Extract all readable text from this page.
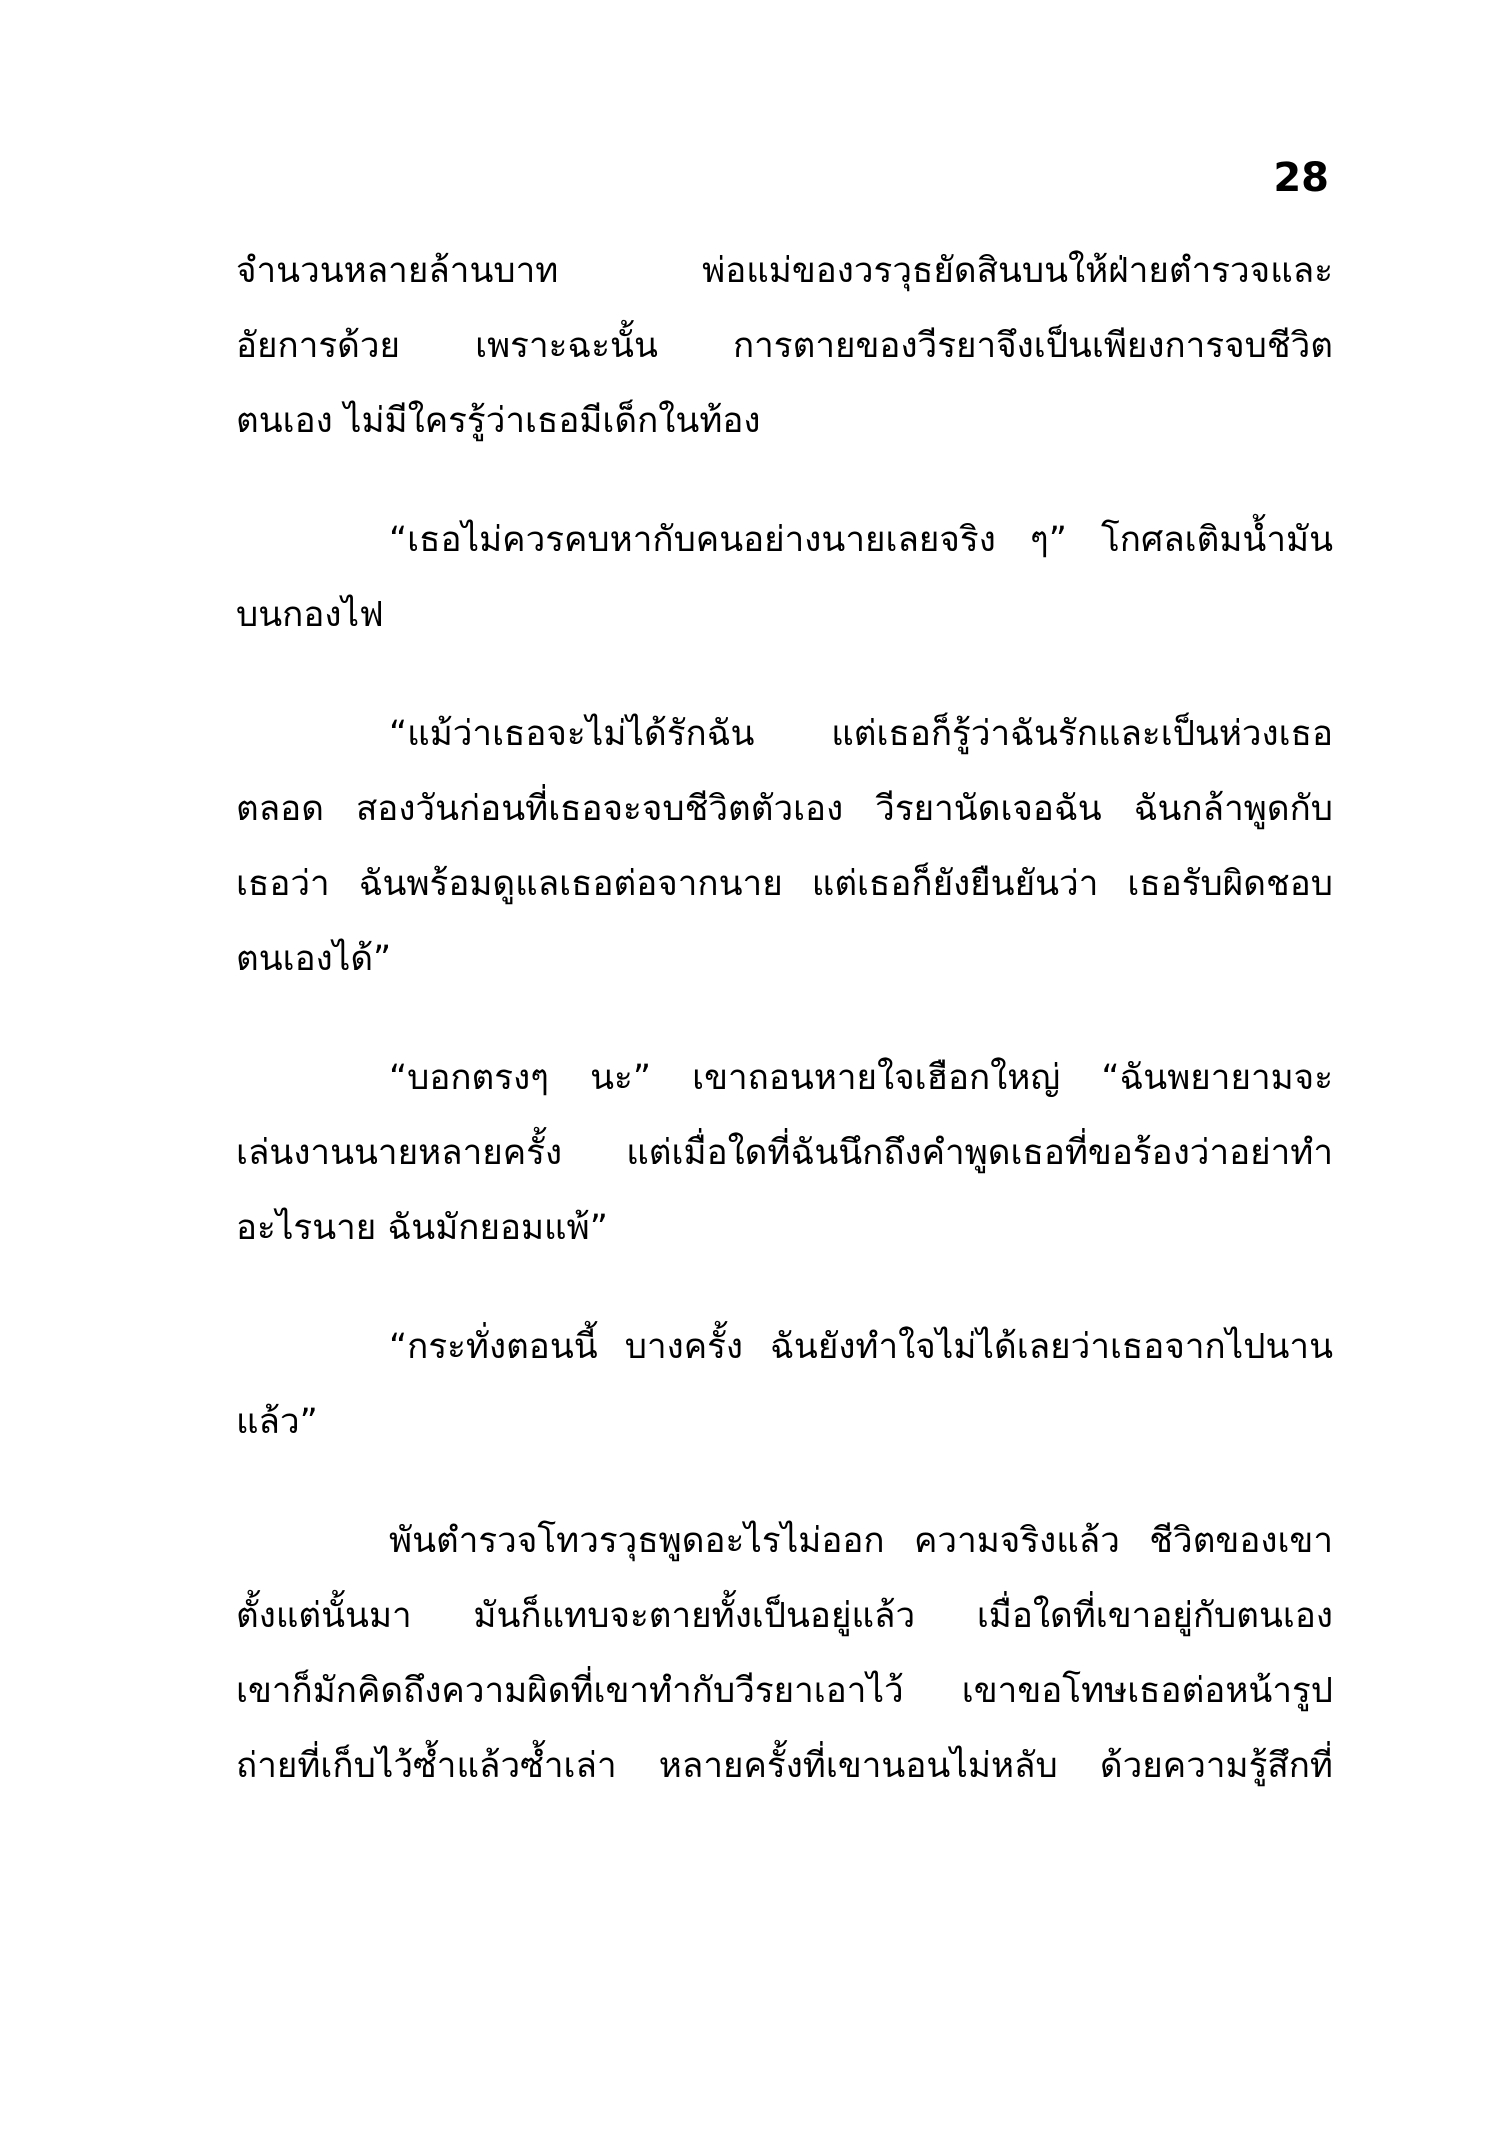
28
จำนวนหลายล้านบาท พ่อแม่ของวรวุธยัดสินบนให้ฝ่ายตำรวจและ
อัยการด้วย เพราะฉะนั้น การตายของวีรยาจึงเป็นเพียงการจบชีวิต
ตนเอง ไม่มีใครรู้ว่าเธอมีเด็กในท้อง
“เธอไม่ควรคบหากับคนอย่างนายเลยจริง ๆ” โกศลเติมน้ำมัน
บนกองไฟ
“แม้ว่าเธอจะไม่ได้รักฉัน แต่เธอก็รู้ว่าฉันรักและเป็นห่วงเธอ
ตลอด สองวันก่อนที่เธอจะจบชีวิตตัวเอง วีรยานัดเจอฉัน ฉันกล้าพูดกับ
เธอว่า ฉันพร้อมดูแลเธอต่อจากนาย แต่เธอก็ยังยืนยันว่า เธอรับผิดชอบ
ตนเองได้”
“บอกตรงๆ นะ” เขาถอนหายใจเฮือกใหญ่ “ฉันพยายามจะ
เล่นงานนายหลายครั้ง แต่เมื่อใดที่ฉันนึกถึงคำพูดเธอที่ขอร้องว่าอย่าทำ
อะไรนาย ฉันมักยอมแพ้”
“กระทั่งตอนนี้ บางครั้ง ฉันยังทำใจไม่ได้เลยว่าเธอจากไปนาน
แล้ว”
พันตำรวจโทวรวุธพูดอะไรไม่ออก ความจริงแล้ว ชีวิตของเขา
ตั้งแต่นั้นมา มันก็แทบจะตายทั้งเป็นอยู่แล้ว เมื่อใดที่เขาอยู่กับตนเอง
เขาก็มักคิดถึงความผิดที่เขาทำกับวีรยาเอาไว้ เขาขอโทษเธอต่อหน้ารูป
ถ่ายที่เก็บไว้ซ้ำแล้วซ้ำเล่า หลายครั้งที่เขานอนไม่หลับ ด้วยความรู้สึกที่
